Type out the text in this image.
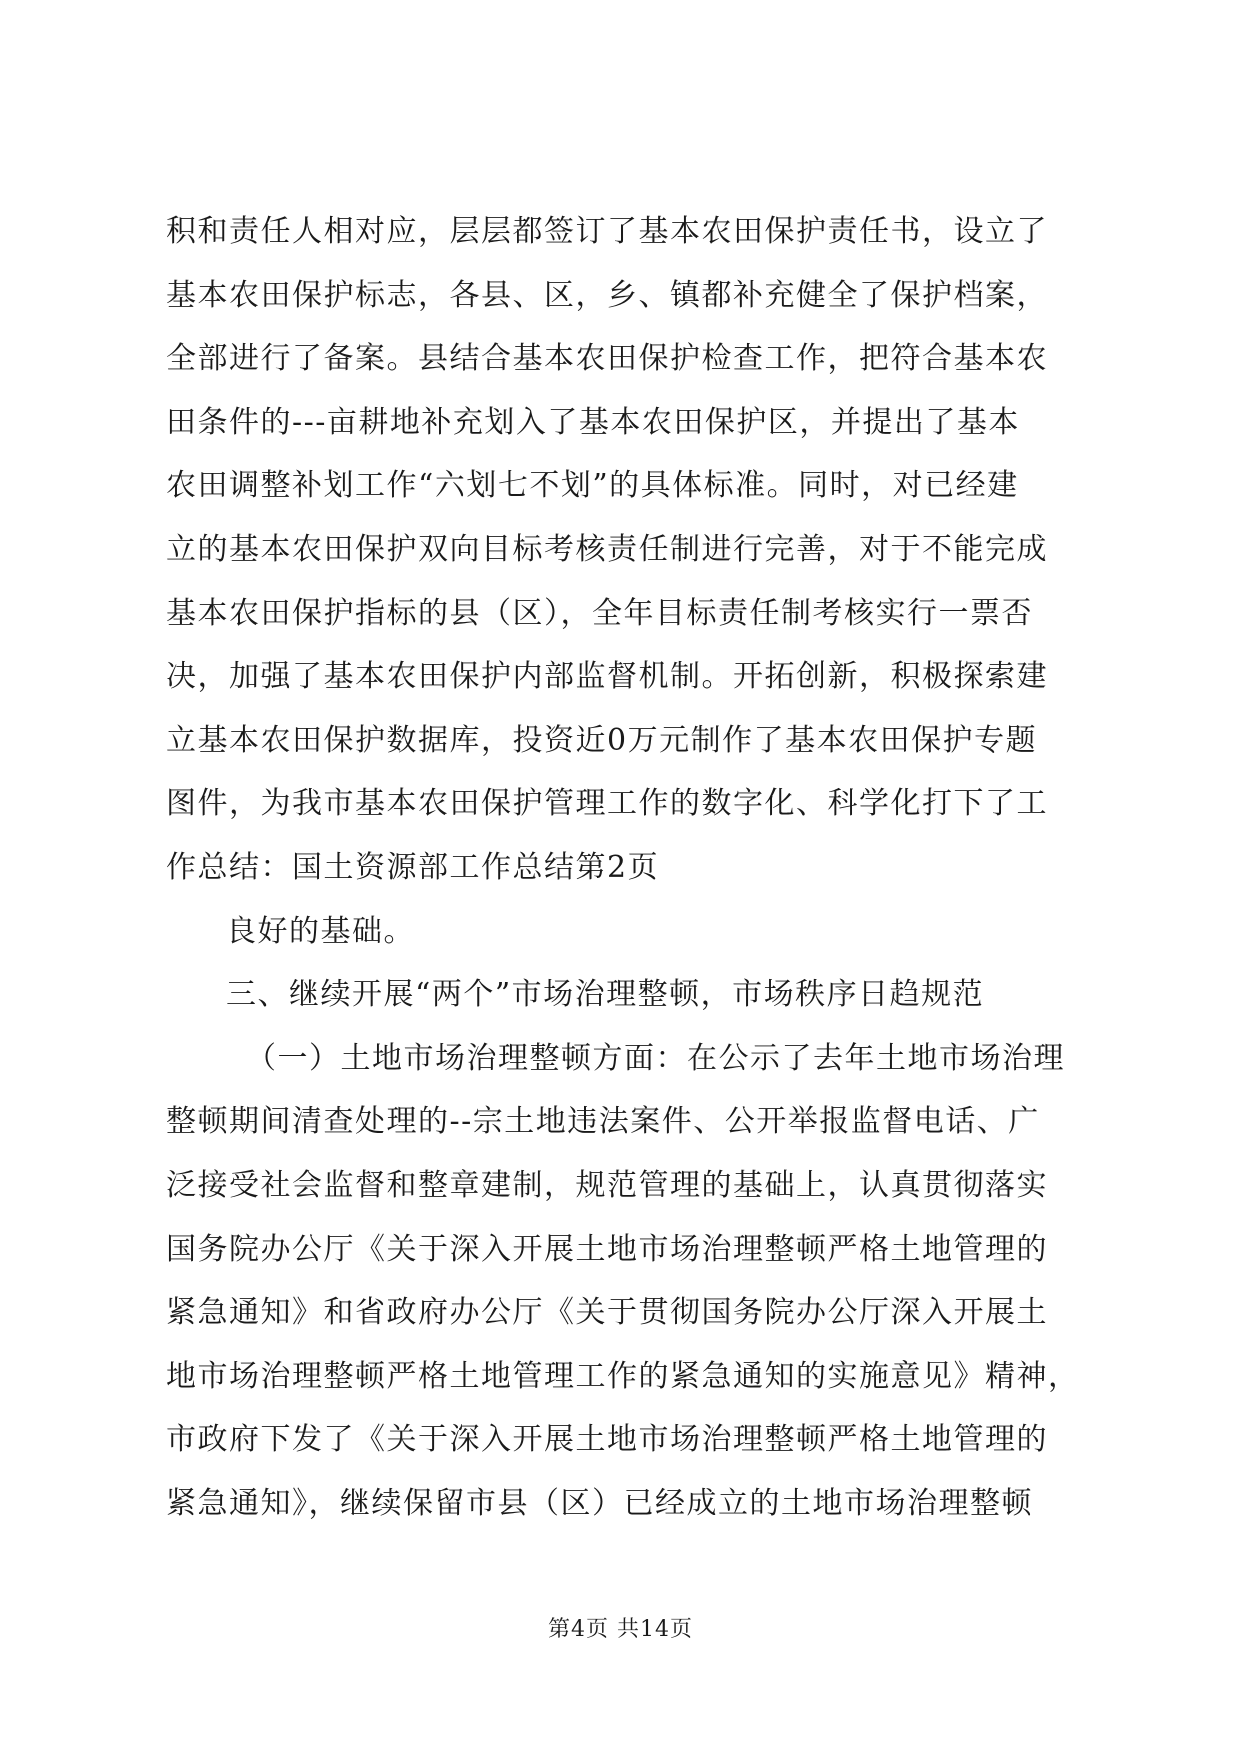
积和责任人相对应，层层都签订了基本农田保护责任书，设立了
基本农田保护标志，各县、区，乡、镇都补充健全了保护档案，
全部进行了备案。县结合基本农田保护检查工作，把符合基本农
田条件的---亩耕地补充划入了基本农田保护区，并提出了基本
农田调整补划工作“六划七不划”的具体标准。同时，对已经建
立的基本农田保护双向目标考核责任制进行完善，对于不能完成
基本农田保护指标的县（区），全年目标责任制考核实行一票否
决，加强了基本农田保护内部监督机制。开拓创新，积极探索建
立基本农田保护数据库，投资近0万元制作了基本农田保护专题
图件，为我市基本农田保护管理工作的数字化、科学化打下了工
作总结：国土资源部工作总结第2页
良好的基础。
三、继续开展“两个”市场治理整顿，市场秩序日趋规范
（一）土地市场治理整顿方面：在公示了去年土地市场治理
整顿期间清查处理的--宗土地违法案件、公开举报监督电话、广
泛接受社会监督和整章建制，规范管理的基础上，认真贯彻落实
国务院办公厅《关于深入开展土地市场治理整顿严格土地管理的
紧急通知》和省政府办公厅《关于贯彻国务院办公厅深入开展土
地市场治理整顿严格土地管理工作的紧急通知的实施意见》精神，
市政府下发了《关于深入开展土地市场治理整顿严格土地管理的
紧急通知》，继续保留市县（区）已经成立的土地市场治理整顿
第4页 共14页
